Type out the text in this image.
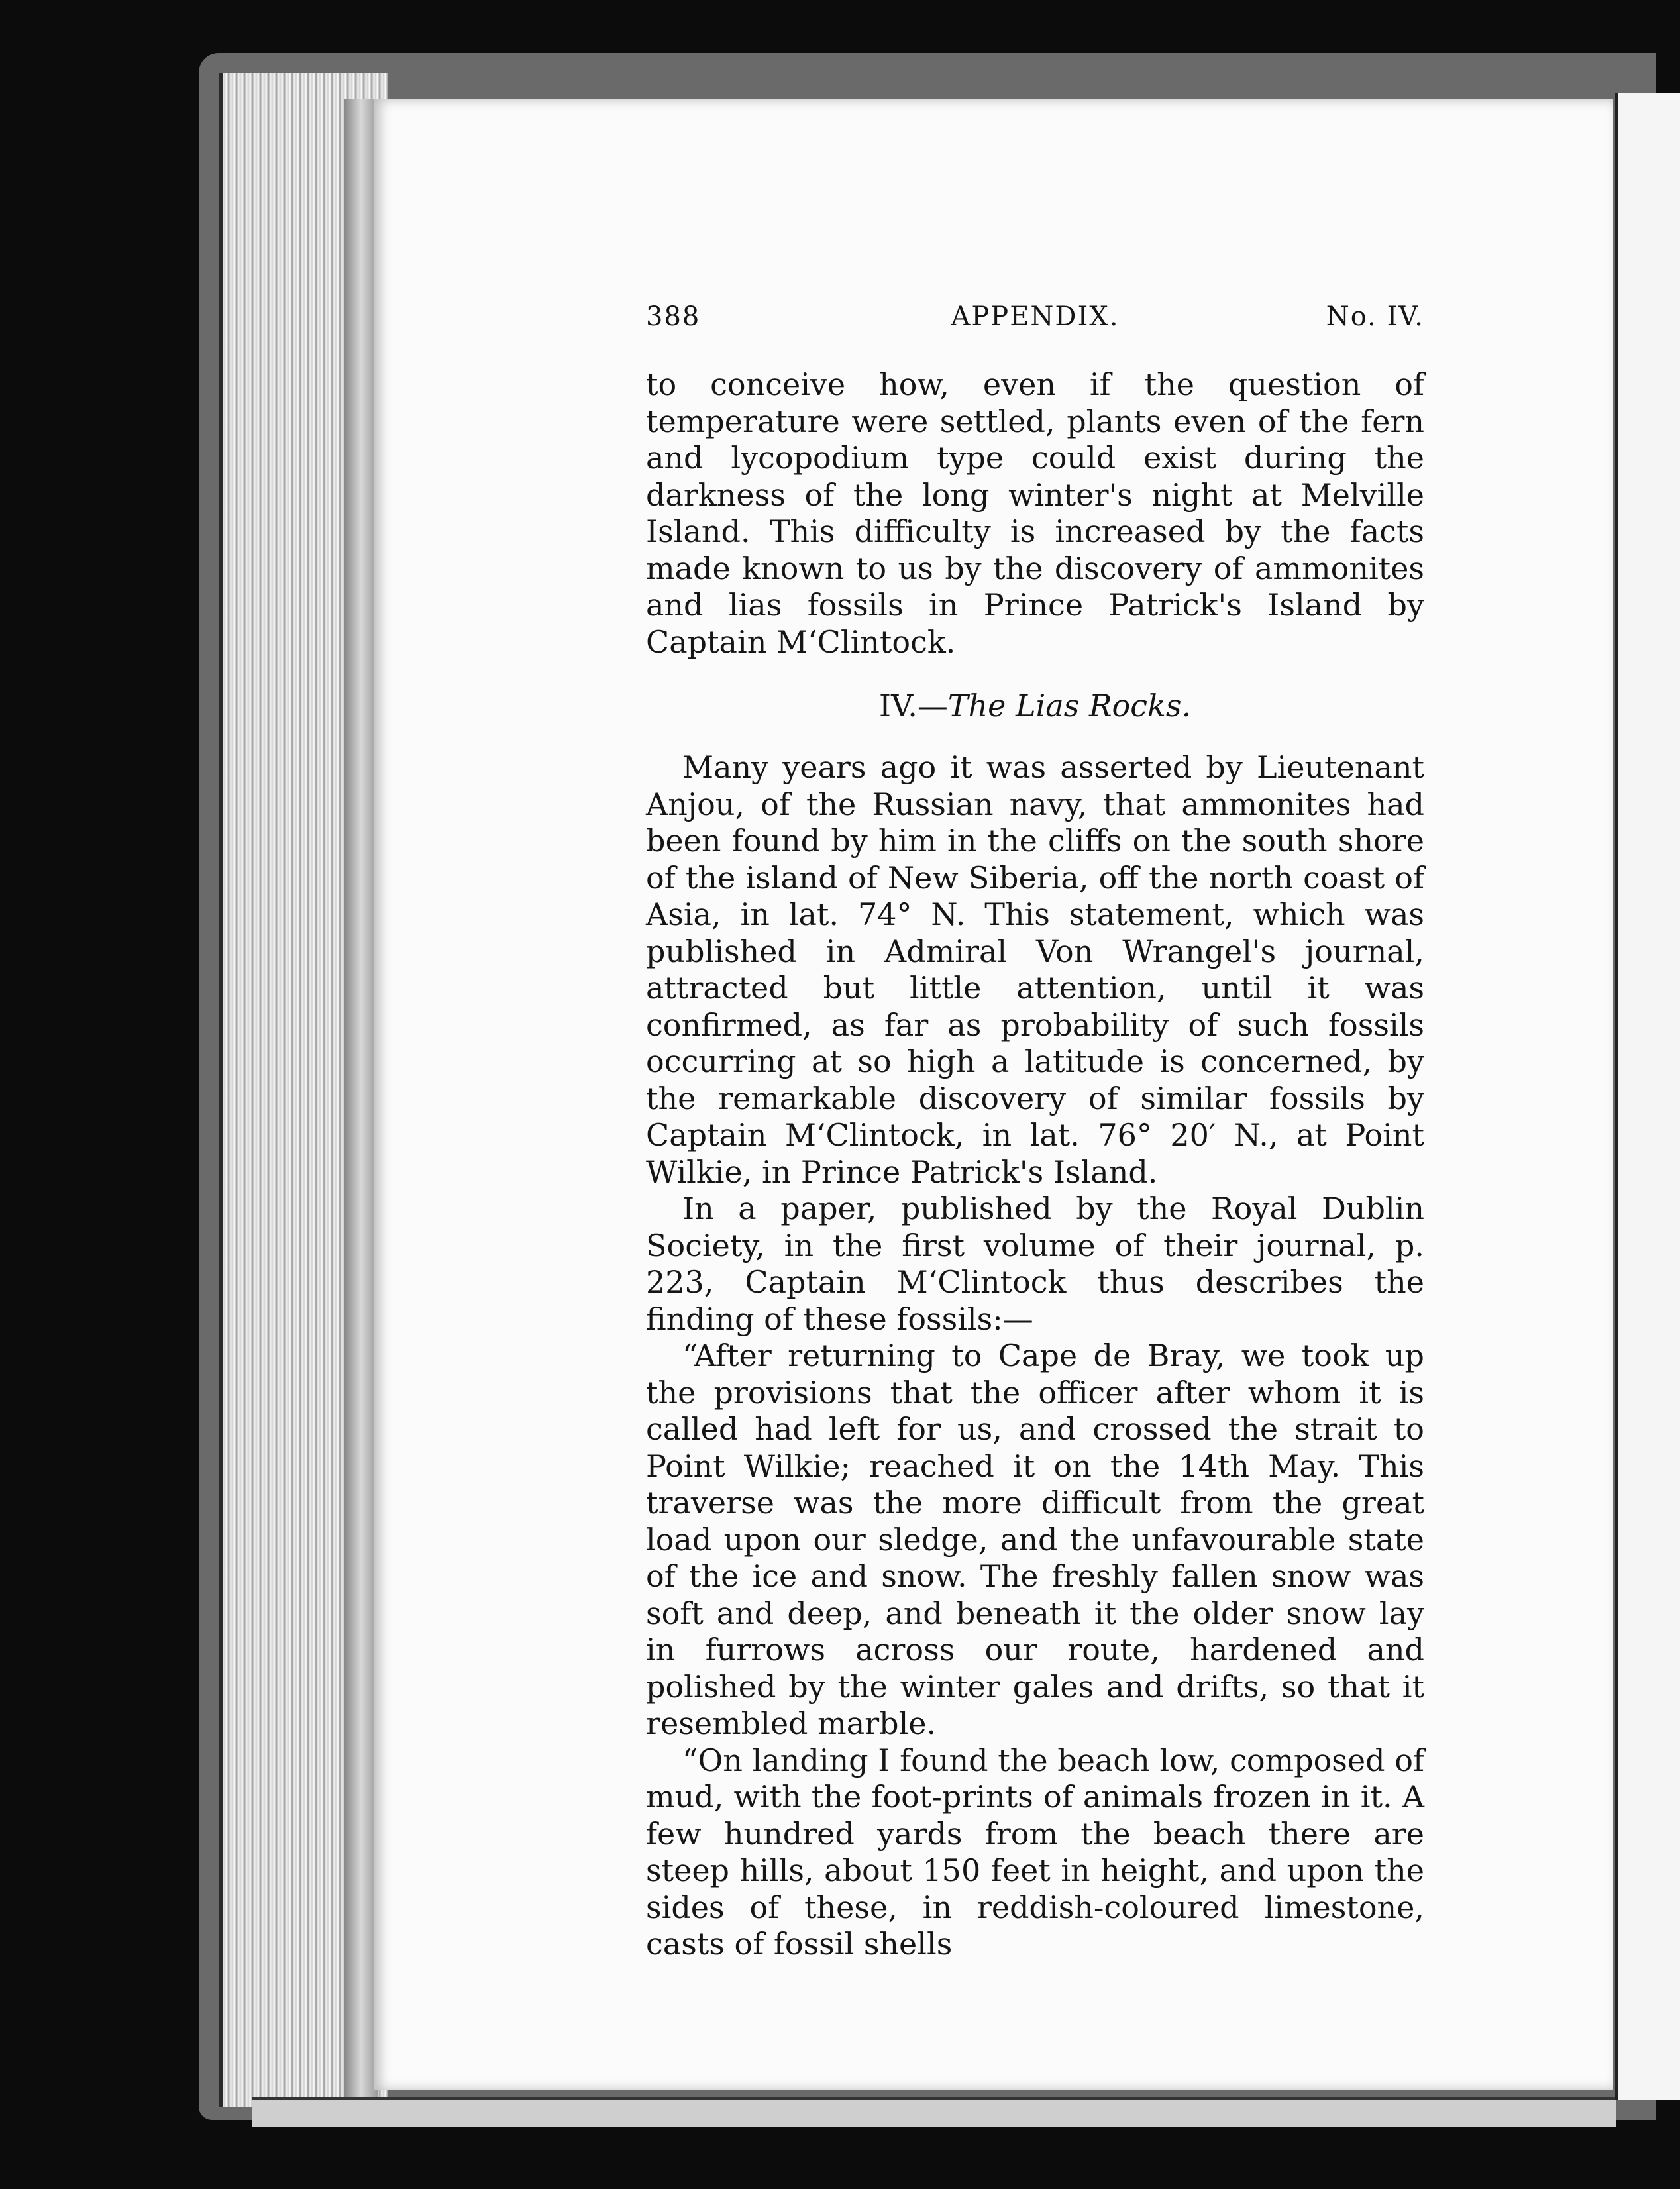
388	APPENDIX.	No. IV.

to conceive how, even if the question of temperature were settled, plants even of the fern and lycopodium type could exist during the darkness of the long winter's night at Melville Island. This difficulty is increased by the facts made known to us by the discovery of ammonites and lias fossils in Prince Patrick's Island by Captain M‘Clintock.

IV.—The Lias Rocks.

Many years ago it was asserted by Lieutenant Anjou, of the Russian navy, that ammonites had been found by him in the cliffs on the south shore of the island of New Siberia, off the north coast of Asia, in lat. 74° N. This statement, which was published in Admiral Von Wrangel's journal, attracted but little attention, until it was confirmed, as far as probability of such fossils occurring at so high a latitude is concerned, by the remarkable discovery of similar fossils by Captain M‘Clintock, in lat. 76° 20′ N., at Point Wilkie, in Prince Patrick's Island.

In a paper, published by the Royal Dublin Society, in the first volume of their journal, p. 223, Captain M‘Clintock thus describes the finding of these fossils:—

“After returning to Cape de Bray, we took up the provisions that the officer after whom it is called had left for us, and crossed the strait to Point Wilkie; reached it on the 14th May. This traverse was the more difficult from the great load upon our sledge, and the unfavourable state of the ice and snow. The freshly fallen snow was soft and deep, and beneath it the older snow lay in furrows across our route, hardened and polished by the winter gales and drifts, so that it resembled marble.

“On landing I found the beach low, composed of mud, with the foot-prints of animals frozen in it. A few hundred yards from the beach there are steep hills, about 150 feet in height, and upon the sides of these, in reddish-coloured limestone, casts of fossil shells
